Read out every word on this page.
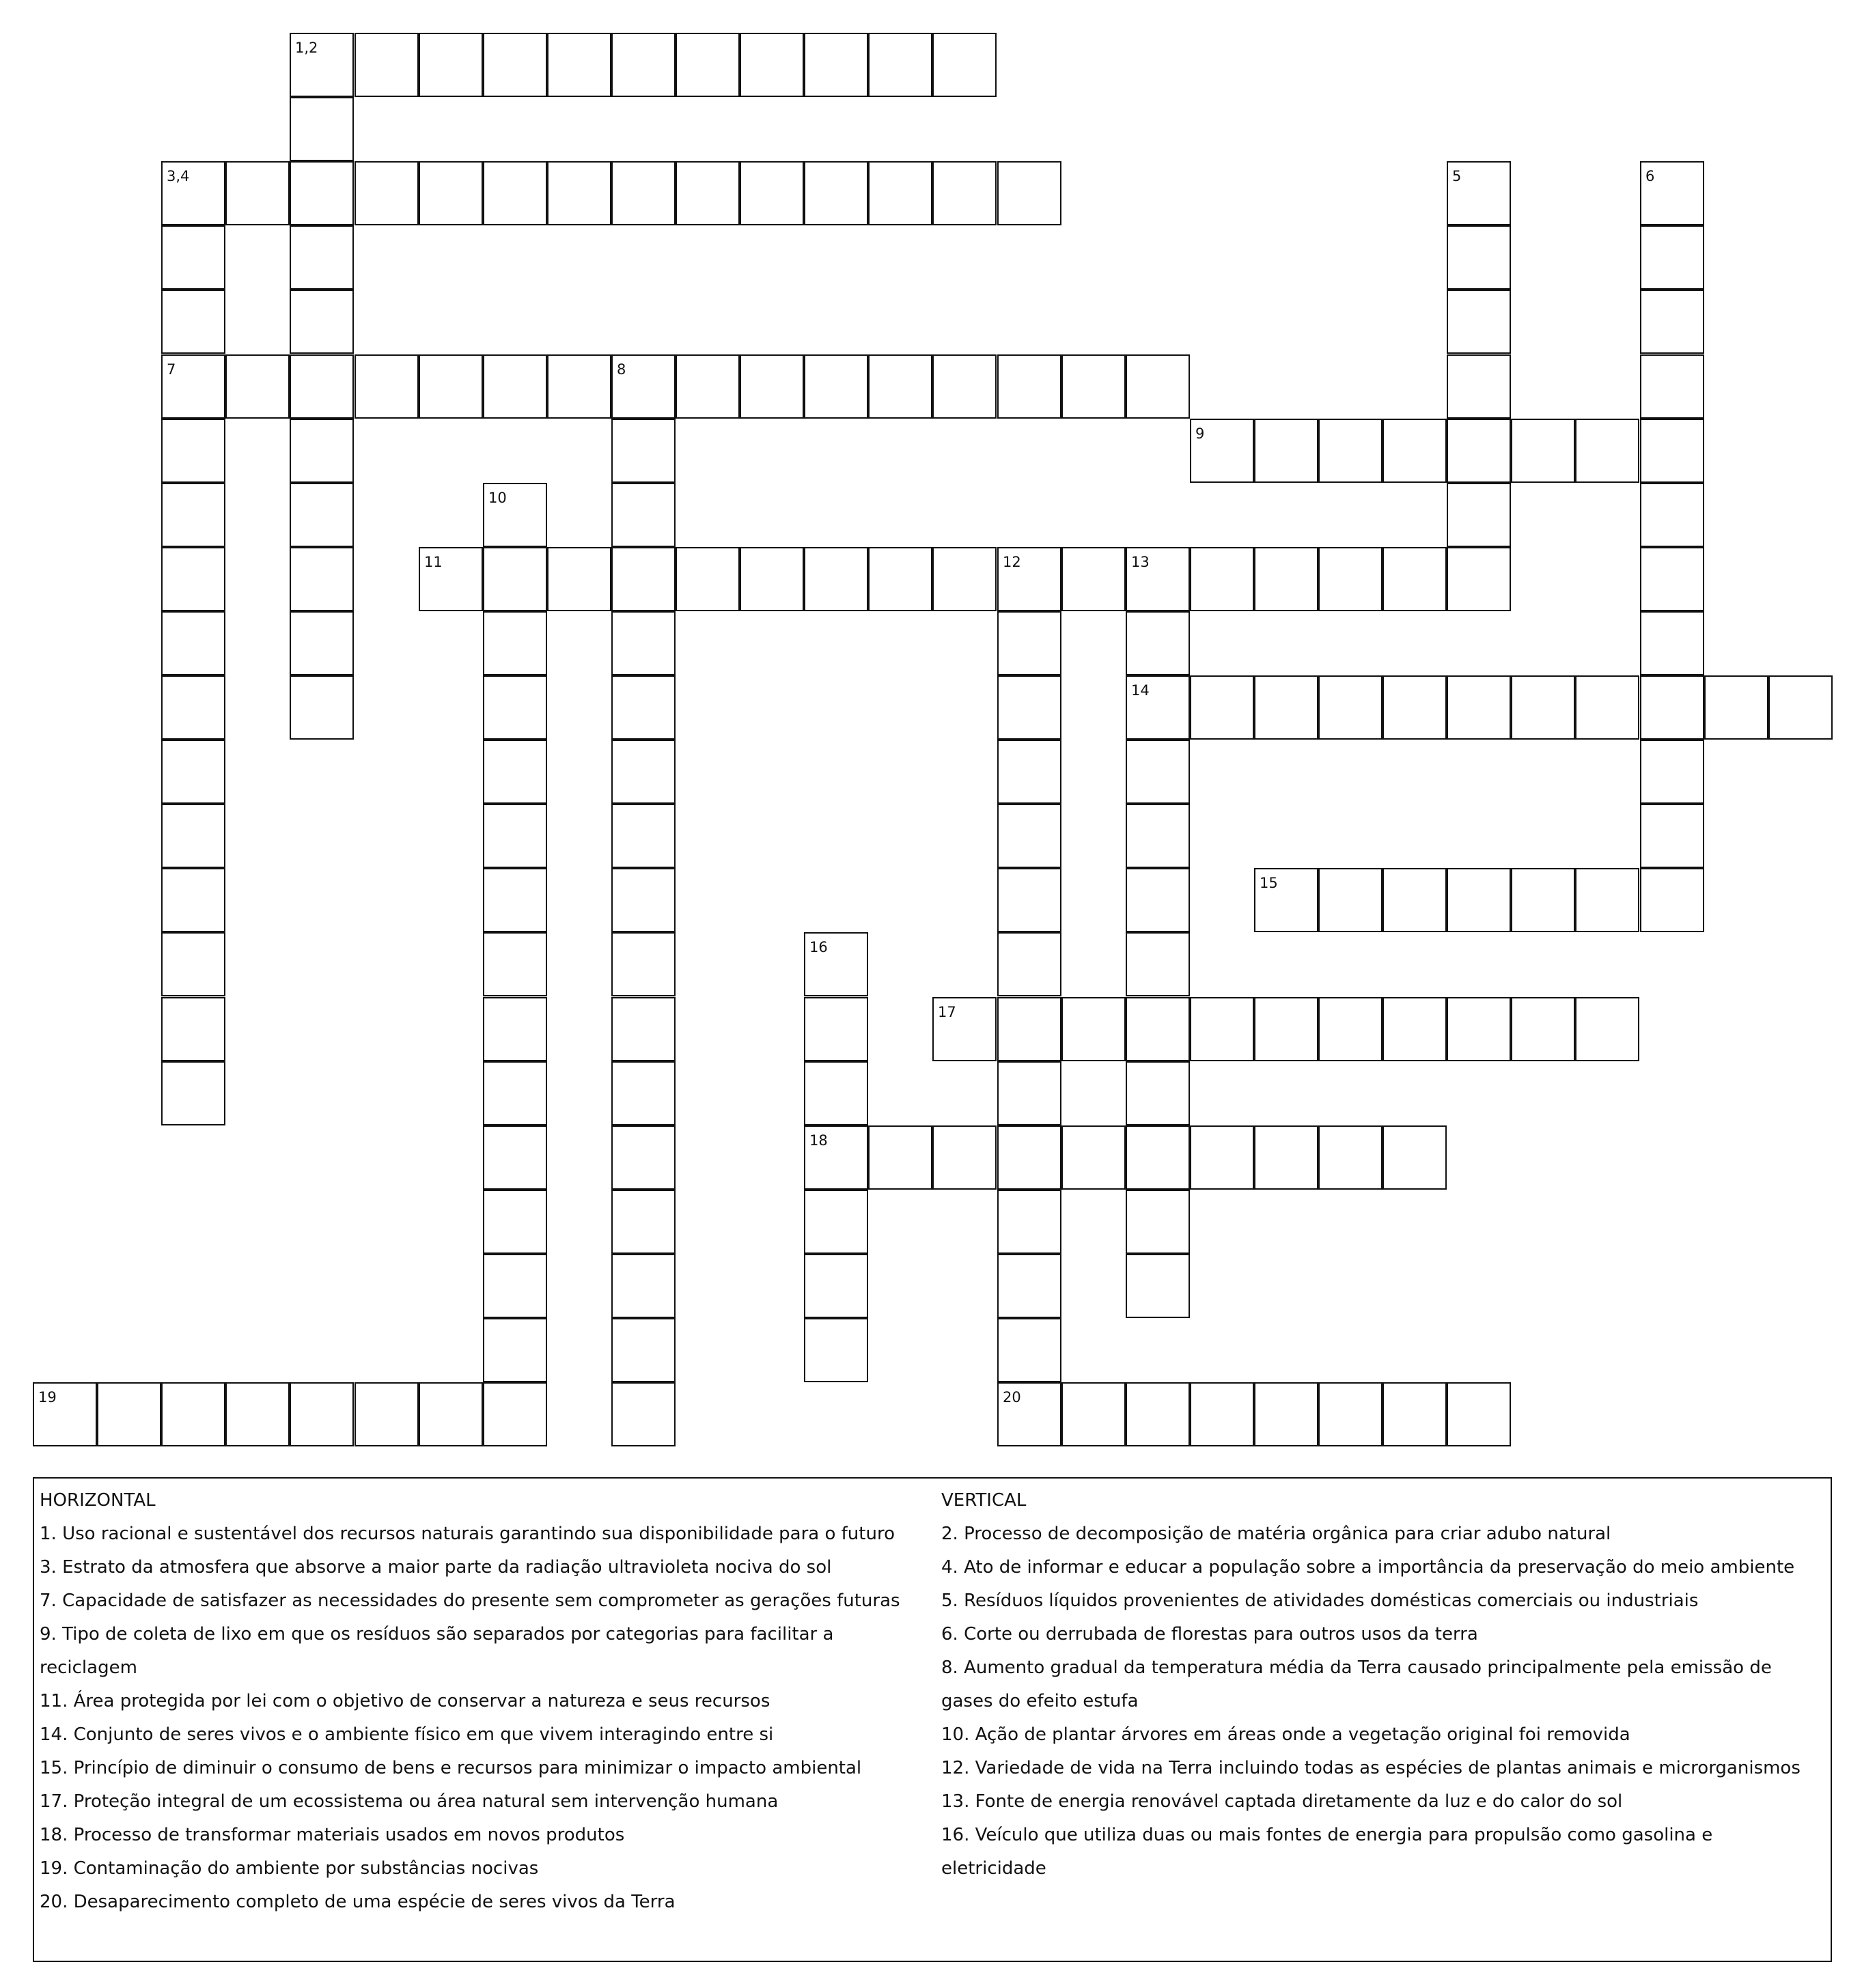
1,2
3,4	5	6
7	8
9
10
11	12	13
14
15
16
17
18
19	20

HORIZONTAL

1. Uso racional e sustentável dos recursos naturais garantindo sua disponibilidade para o futuro

3. Estrato da atmosfera que absorve a maior parte da radiação ultravioleta nociva do sol

7. Capacidade de satisfazer as necessidades do presente sem comprometer as gerações futuras

9. Tipo de coleta de lixo em que os resíduos são separados por categorias para facilitar a

reciclagem

11. Área protegida por lei com o objetivo de conservar a natureza e seus recursos

14. Conjunto de seres vivos e o ambiente físico em que vivem interagindo entre si

15. Princípio de diminuir o consumo de bens e recursos para minimizar o impacto ambiental

17. Proteção integral de um ecossistema ou área natural sem intervenção humana

18. Processo de transformar materiais usados em novos produtos

19. Contaminação do ambiente por substâncias nocivas

20. Desaparecimento completo de uma espécie de seres vivos da Terra

VERTICAL

2. Processo de decomposição de matéria orgânica para criar adubo natural

4. Ato de informar e educar a população sobre a importância da preservação do meio ambiente

5. Resíduos líquidos provenientes de atividades domésticas comerciais ou industriais

6. Corte ou derrubada de florestas para outros usos da terra

8. Aumento gradual da temperatura média da Terra causado principalmente pela emissão de

gases do efeito estufa

10. Ação de plantar árvores em áreas onde a vegetação original foi removida

12. Variedade de vida na Terra incluindo todas as espécies de plantas animais e microrganismos

13. Fonte de energia renovável captada diretamente da luz e do calor do sol

16. Veículo que utiliza duas ou mais fontes de energia para propulsão como gasolina e

eletricidade
